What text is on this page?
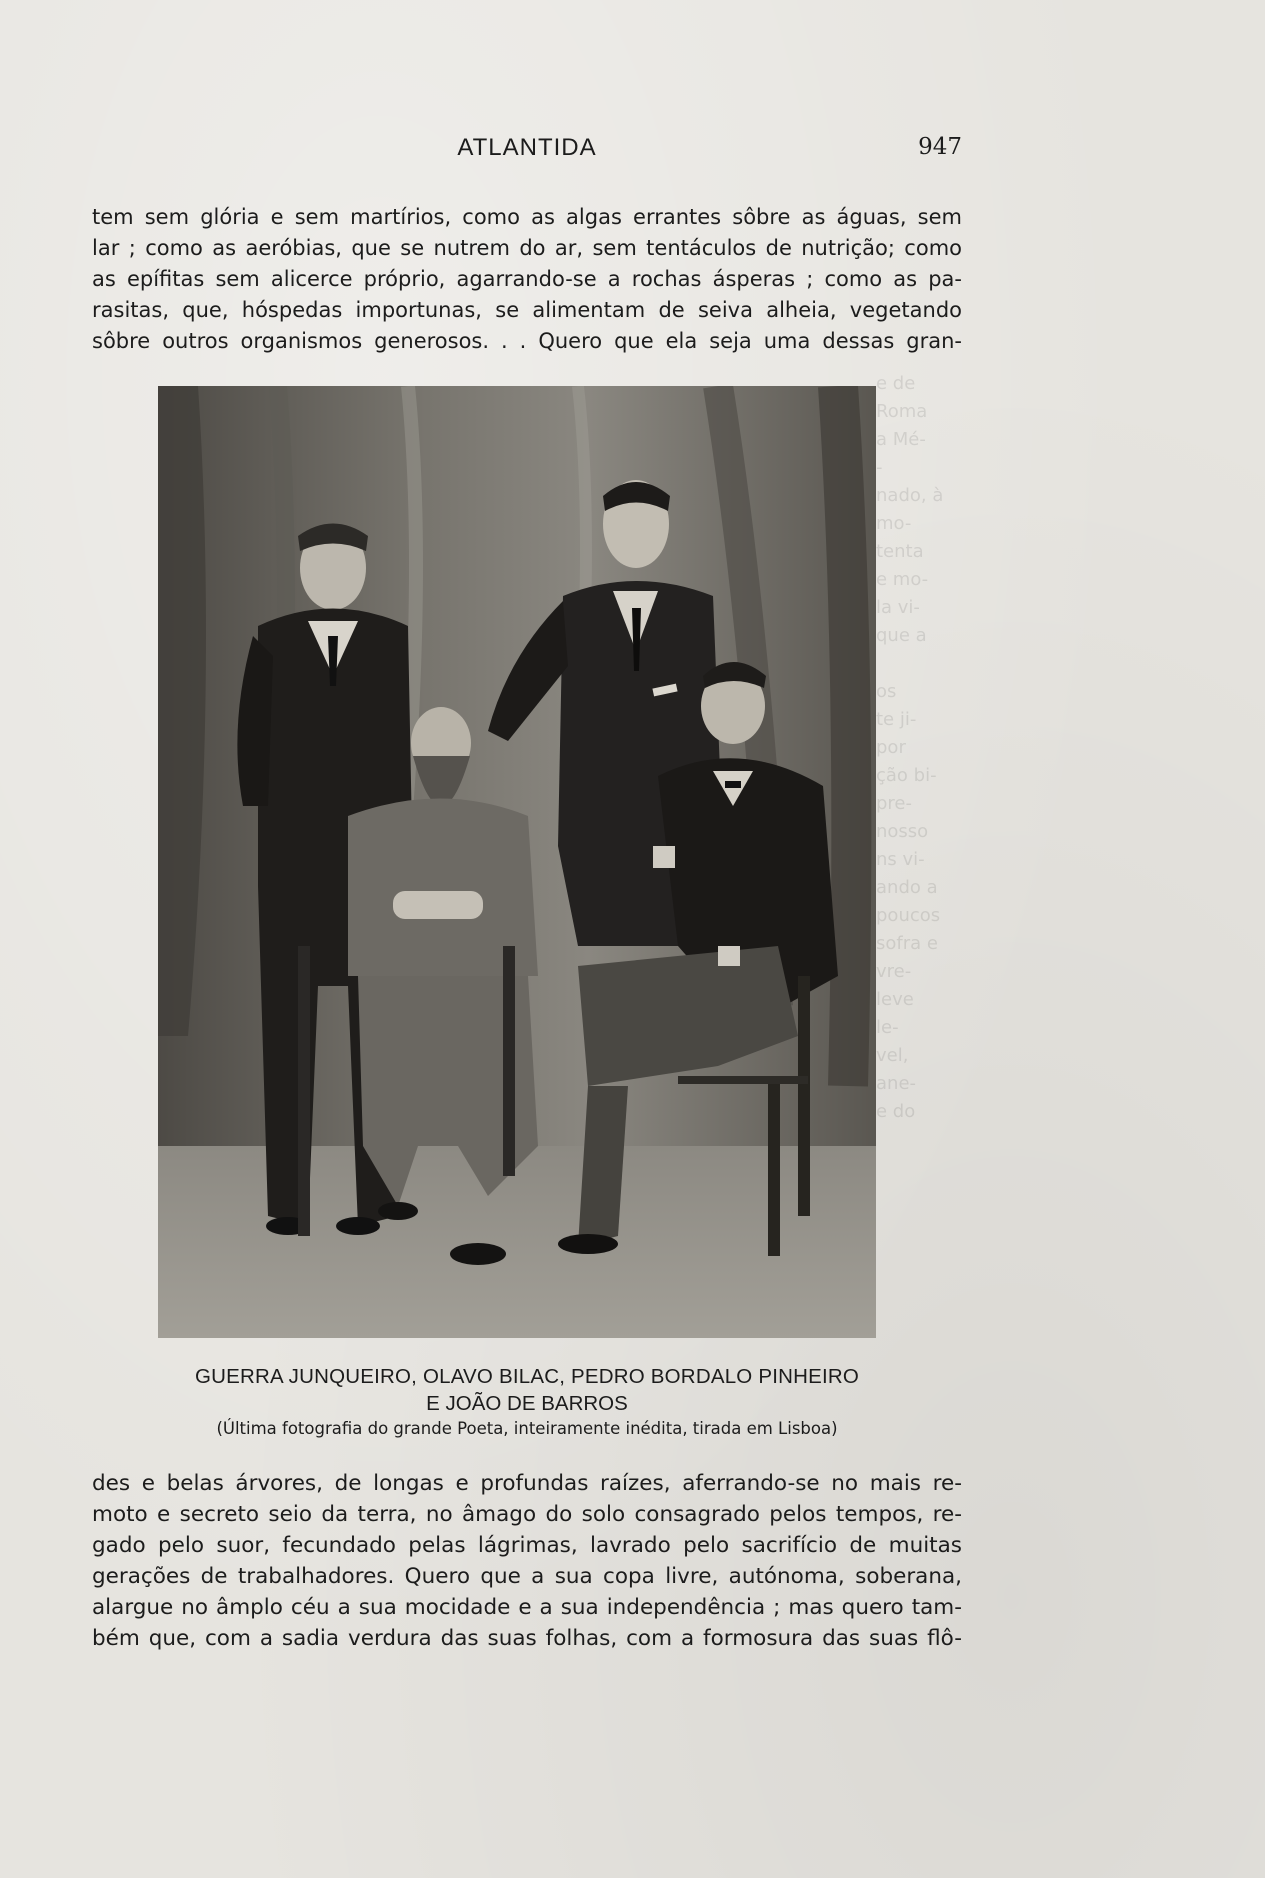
ATLANTIDA	947

tem sem glória e sem martírios, como as algas errantes sôbre as águas, sem
lar ; como as aeróbias, que se nutrem do ar, sem tentáculos de nutrição; como
as epífitas sem alicerce próprio, agarrando-se a rochas ásperas ; como as pa-
rasitas, que, hóspedas importunas, se alimentam de seiva alheia, vegetando
sôbre outros organismos generosos. . . Quero que ela seja uma dessas gran-

e de
Roma
a Mé-
-
nado, à
mo-
tenta
e mo-
la vi-
que a

os
te ji-
por
ção bi-
pre-
nosso
ns vi-
ando a
poucos
sofra e
vre-
leve
le-
vel,
ane-
e do

GUERRA JUNQUEIRO, OLAVO BILAC, PEDRO BORDALO PINHEIRO

E JOÃO DE BARROS

(Última fotografia do grande Poeta, inteiramente inédita, tirada em Lisboa)

des e belas árvores, de longas e profundas raízes, aferrando-se no mais re-
moto e secreto seio da terra, no âmago do solo consagrado pelos tempos, re-
gado pelo suor, fecundado pelas lágrimas, lavrado pelo sacrifício de muitas
gerações de trabalhadores. Quero que a sua copa livre, autónoma, soberana,
alargue no âmplo céu a sua mocidade e a sua independência ; mas quero tam-
bém que, com a sadia verdura das suas folhas, com a formosura das suas flô-
